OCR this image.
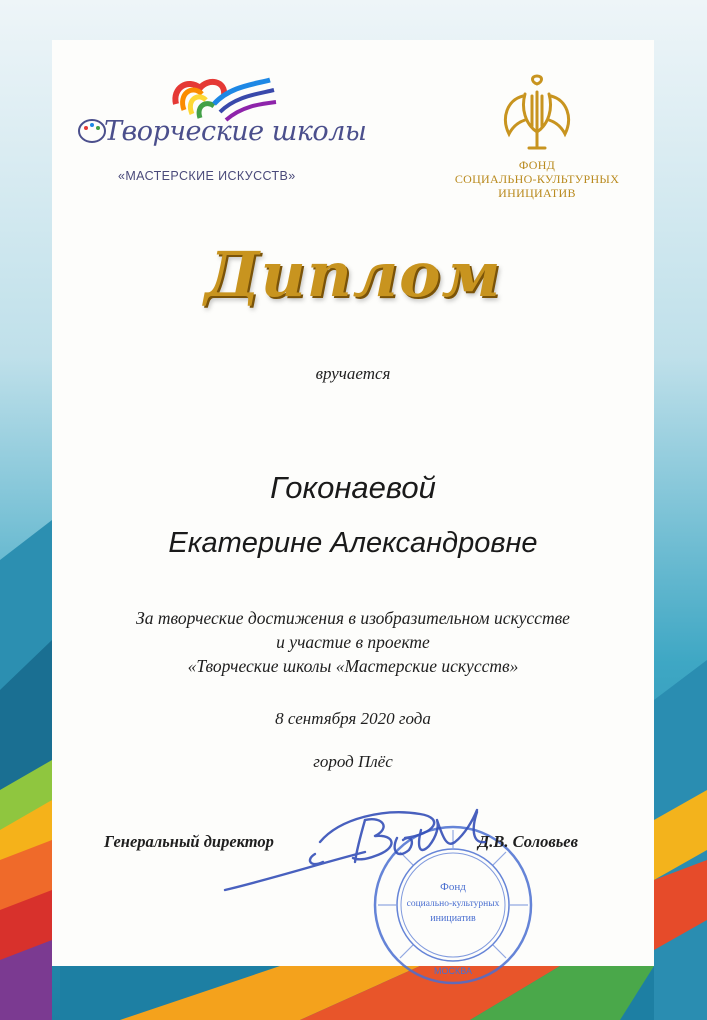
Творческие школы
«МАСТЕРСКИЕ ИСКУССТВ»
ФОНД
СОЦИАЛЬНО-КУЛЬТУРНЫХ
ИНИЦИАТИВ
Диплом
вручается
Гоконаевой
Екатерине Александровне
За творческие достижения в изобразительном искусстве
и участие в проекте
«Творческие школы «Мастерские искусств»
8 сентября 2020 года
город Плёс
Фонд
социально-культурных
инициатив
МОСКВА
Генеральный директор	Д.В. Соловьев
